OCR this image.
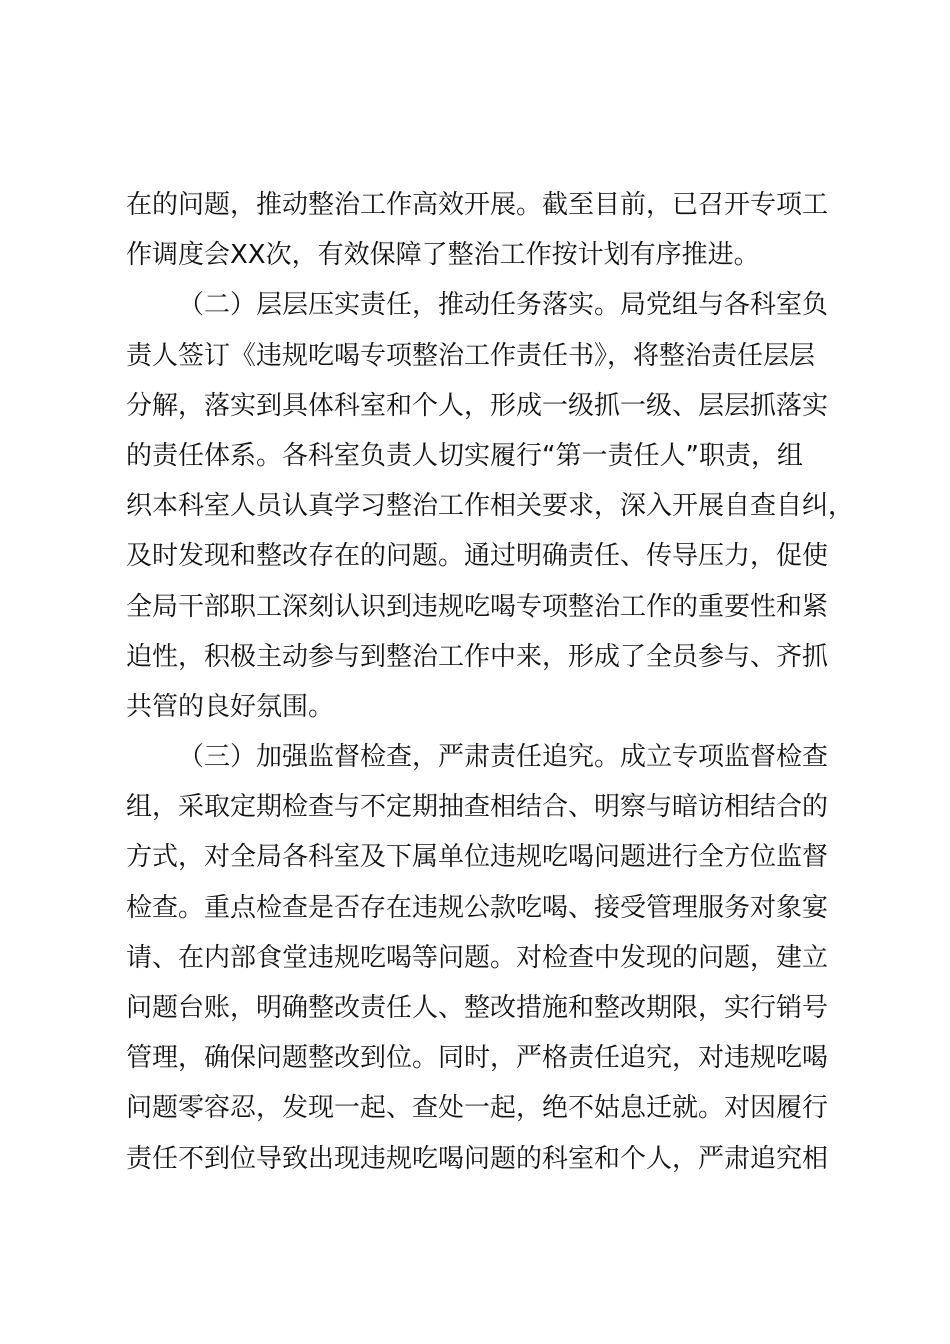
在的问题，推动整治工作高效开展。截至目前，已召开专项工
作调度会XX次，有效保障了整治工作按计划有序推进。
（二）层层压实责任，推动任务落实。局党组与各科室负
责人签订《违规吃喝专项整治工作责任书》，将整治责任层层
分解，落实到具体科室和个人，形成一级抓一级、层层抓落实
的责任体系。各科室负责人切实履行“第一责任人”职责，组
织本科室人员认真学习整治工作相关要求，深入开展自查自纠，
及时发现和整改存在的问题。通过明确责任、传导压力，促使
全局干部职工深刻认识到违规吃喝专项整治工作的重要性和紧
迫性，积极主动参与到整治工作中来，形成了全员参与、齐抓
共管的良好氛围。
（三）加强监督检查，严肃责任追究。成立专项监督检查
组，采取定期检查与不定期抽查相结合、明察与暗访相结合的
方式，对全局各科室及下属单位违规吃喝问题进行全方位监督
检查。重点检查是否存在违规公款吃喝、接受管理服务对象宴
请、在内部食堂违规吃喝等问题。对检查中发现的问题，建立
问题台账，明确整改责任人、整改措施和整改期限，实行销号
管理，确保问题整改到位。同时，严格责任追究，对违规吃喝
问题零容忍，发现一起、查处一起，绝不姑息迁就。对因履行
责任不到位导致出现违规吃喝问题的科室和个人，严肃追究相
